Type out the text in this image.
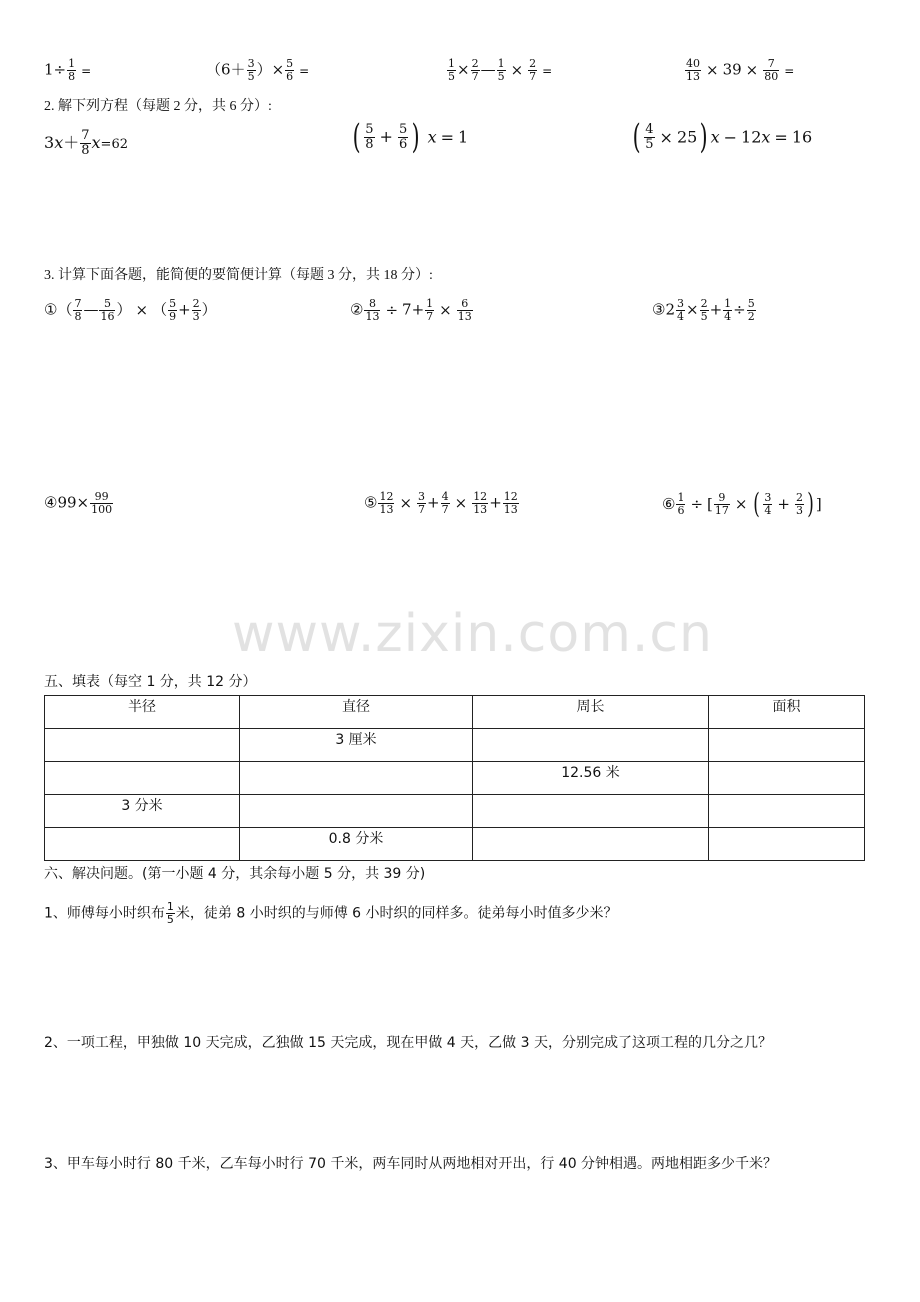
$1\div \frac{1}{8}$ =	（$6+ \frac{3}{5}$ ）× $\frac{5}{6}$ =	$\frac{1}{5} \times \frac{2}{7}$ — $\frac{1}{5} \times \frac{2}{7}$ =	$\frac{40}{13} \times 39 \times \frac{7}{80}$ =
2. 解下列方程（每题 2 分，共 6 分）:
$3x+ \frac{7}{8} x=62$	( $\frac{5}{8} + \frac{5}{6}$ ) x = 1	( $\frac{4}{5} \times 25$) x − 12x = 16
3. 计算下面各题，能简便的要简便计算（每题 3 分，共 18 分）:
①（ $\frac{7}{8}$ — $\frac{5}{16}$ ） × （ $\frac{5}{9} + \frac{2}{3}$ ）	② $\frac{8}{13} \div 7+ \frac{1}{7} \times \frac{6}{13}$	③2 $\frac{3}{4} \times \frac{2}{5} + \frac{1}{4} \div \frac{5}{2}$
④99× $\frac{99}{100}$	⑤ $\frac{12}{13} \times \frac{3}{7} + \frac{4}{7} \times \frac{12}{13} + \frac{12}{13}$	⑥ $\frac{1}{6}$ ÷ [ $\frac{9}{17}$ × ( $\frac{3}{4} + \frac{2}{3}$ ) ]
www.zixin.com.cn
五、填表（每空 1 分，共 12 分）
半径	直径	周长	面积
	3 厘米		
		12.56 米	
3 分米			
	0.8 分米		
六、解决问题。(第一小题 4 分，其余每小题 5 分，共 39 分)
1、师傅每小时织布 $\frac{1}{5}$ 米，徒弟 8 小时织的与师傅 6 小时织的同样多。徒弟每小时值多少米？
2、一项工程，甲独做 10 天完成，乙独做 15 天完成，现在甲做 4 天，乙做 3 天，分别完成了这项工程的几分之几？
3、甲车每小时行 80 千米，乙车每小时行 70 千米，两车同时从两地相对开出，行 40 分钟相遇。两地相距多少千米？
